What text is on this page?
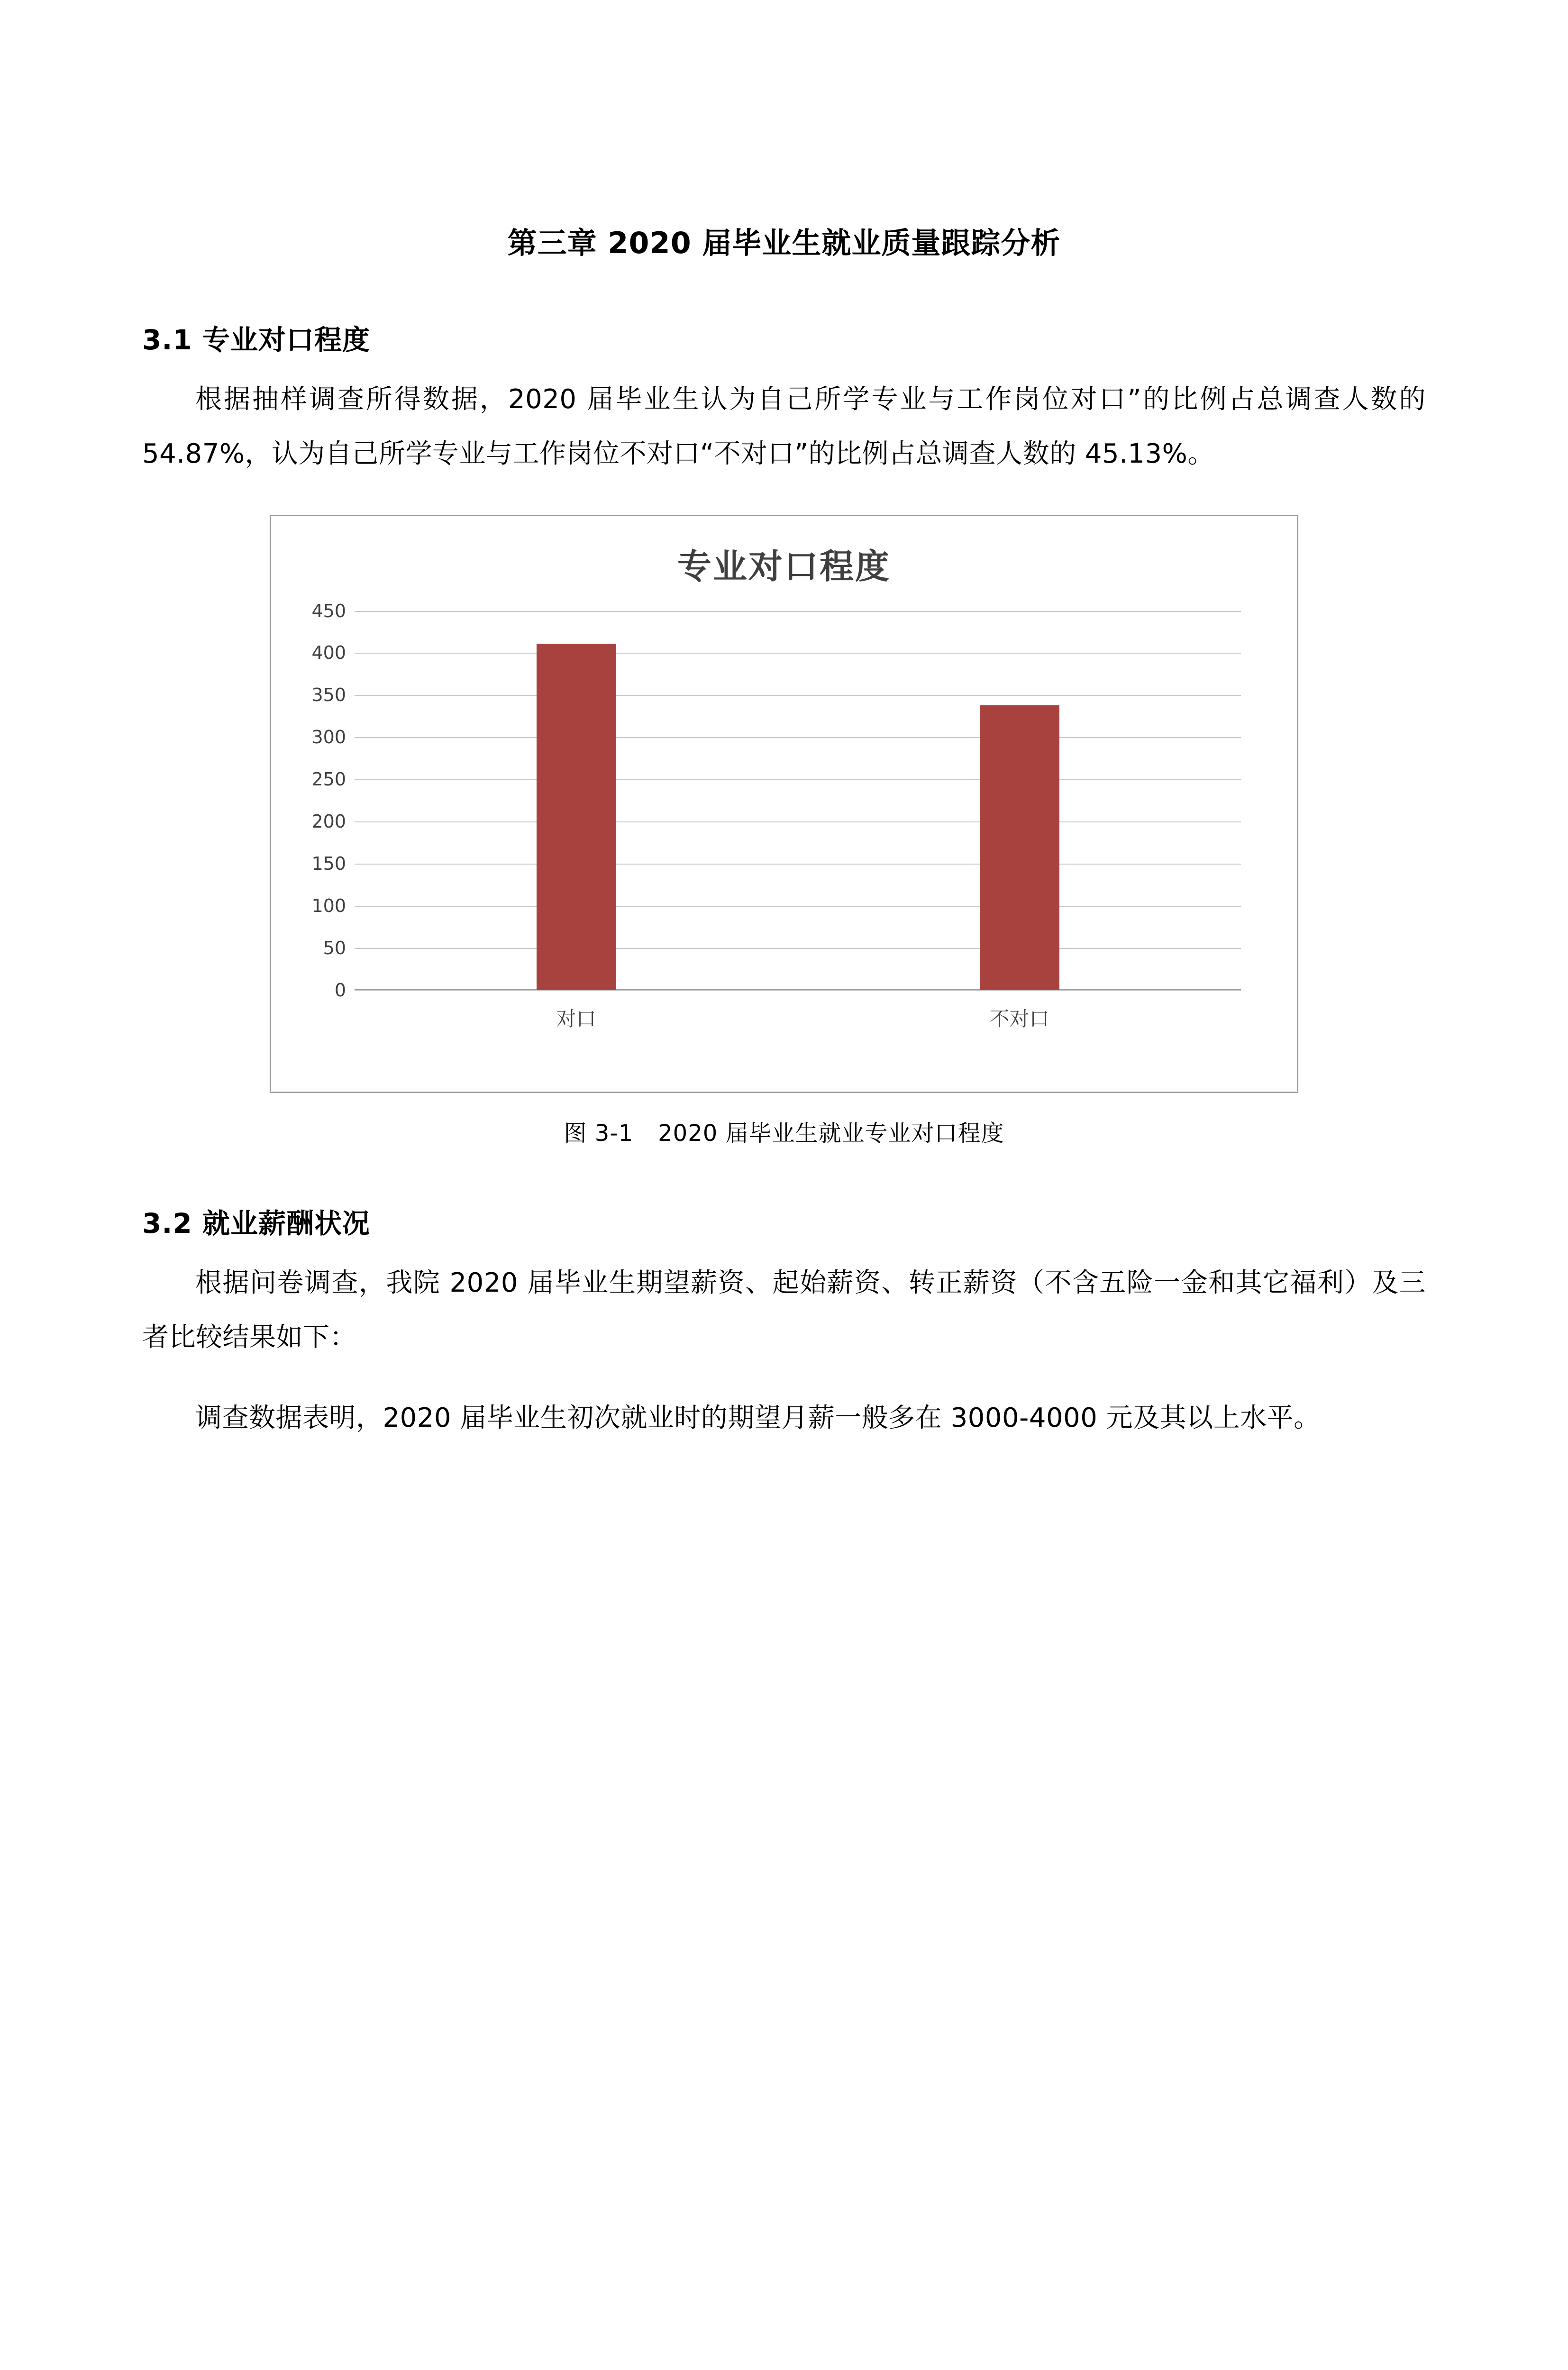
第三章 2020 届毕业生就业质量跟踪分析
3.1 专业对口程度

根据抽样调查所得数据，2020 届毕业生认为自己所学专业与工作岗位对口”的比例占总调查人数的 54.87%，认为自己所学专业与工作岗位不对口“不对口”的比例占总调查人数的 45.13%。

专业对口程度
450
400
350
300
250
200
150
100
50
0
对口	不对口
图 3-1 2020 届毕业生就业专业对口程度
3.2 就业薪酬状况

根据问卷调查，我院 2020 届毕业生期望薪资、起始薪资、转正薪资（不含五险一金和其它福利）及三者比较结果如下：

调查数据表明，2020 届毕业生初次就业时的期望月薪一般多在 3000-4000 元及其以上水平。
